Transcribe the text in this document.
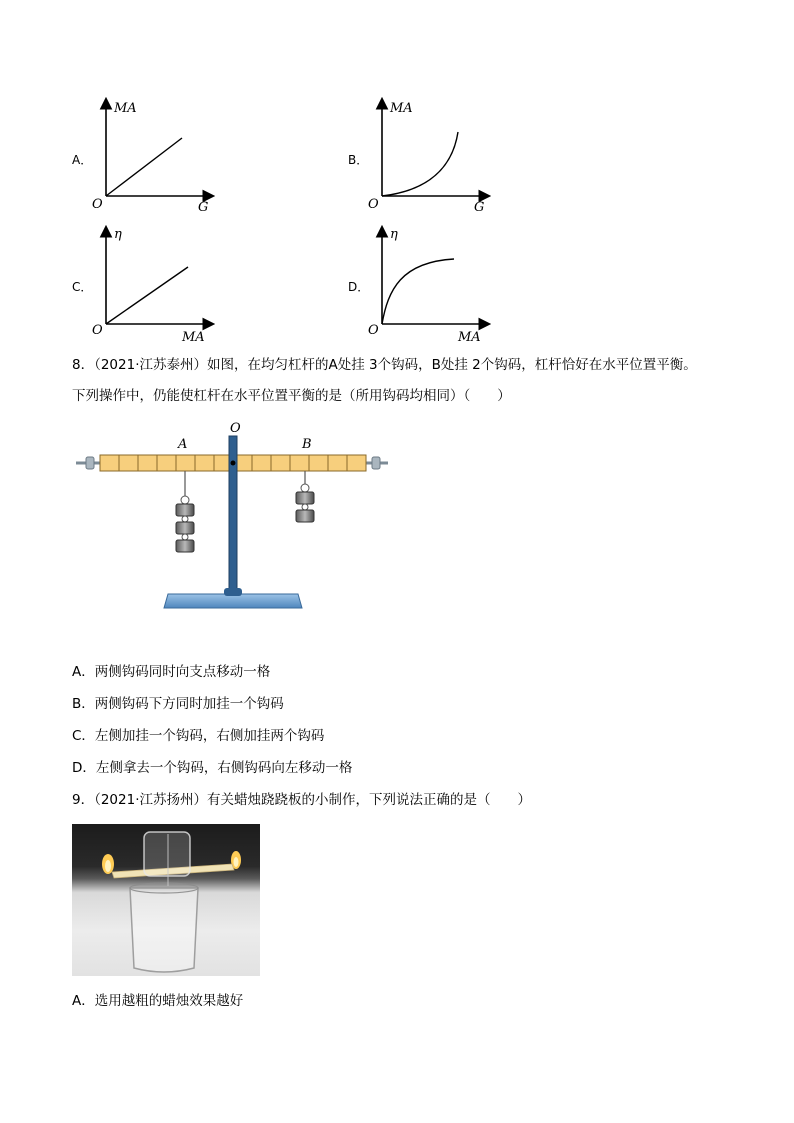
A．
MA
G
O
B．
MA
G
O
C．
η
MA
O
D．
η
MA
O
8．（2021·江苏泰州）如图，在均匀杠杆的A处挂 3个钩码，B处挂 2个钩码，杠杆恰好在水平位置平衡。
下列操作中，仍能使杠杆在水平位置平衡的是（所用钩码均相同）（　　）
A
O
B
A．两侧钩码同时向支点移动一格
B．两侧钩码下方同时加挂一个钩码
C．左侧加挂一个钩码，右侧加挂两个钩码
D．左侧拿去一个钩码，右侧钩码向左移动一格
9．（2021·江苏扬州）有关蜡烛跷跷板的小制作，下列说法正确的是（　　）
A．选用越粗的蜡烛效果越好
